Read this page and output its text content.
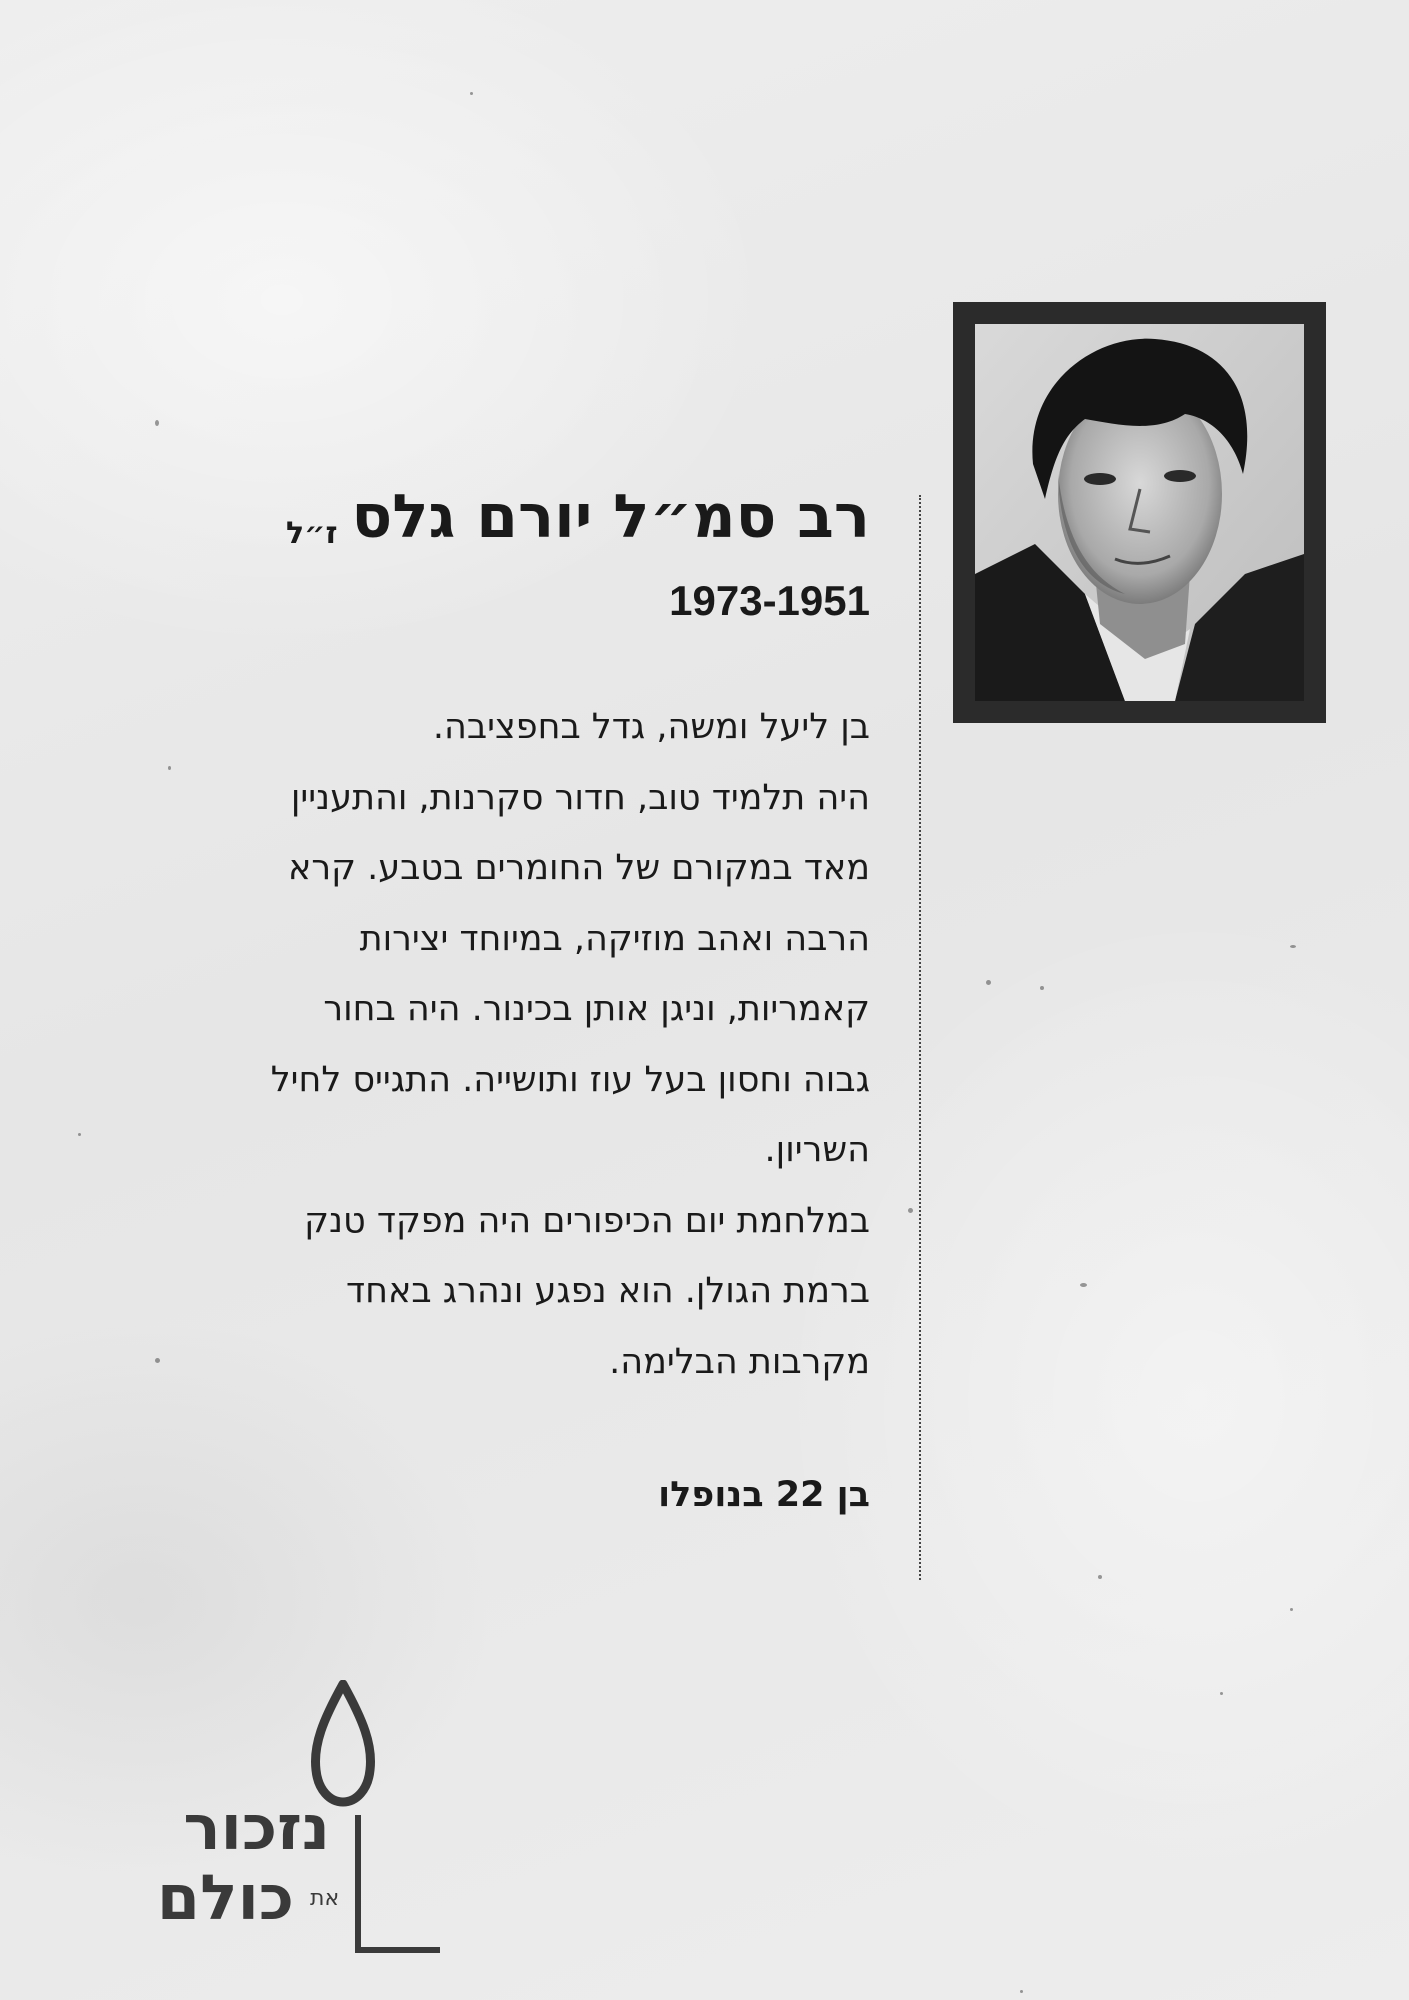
רב סמ״ל יורם גלסז״ל
1973-1951

בן ליעל ומשה, גדל בחפציבה.

היה תלמיד טוב, חדור סקרנות, והתעניין

מאד במקורם של החומרים בטבע. קרא

הרבה ואהב מוזיקה, במיוחד יצירות

קאמריות, וניגן אותן בכינור. היה בחור

גבוה וחסון בעל עוז ותושייה. התגייס לחיל

השריון.

במלחמת יום הכיפורים היה מפקד טנק

ברמת הגולן. הוא נפגע ונהרג באחד

מקרבות הבלימה.

בן 22 בנופלו
נזכור
כולם את
